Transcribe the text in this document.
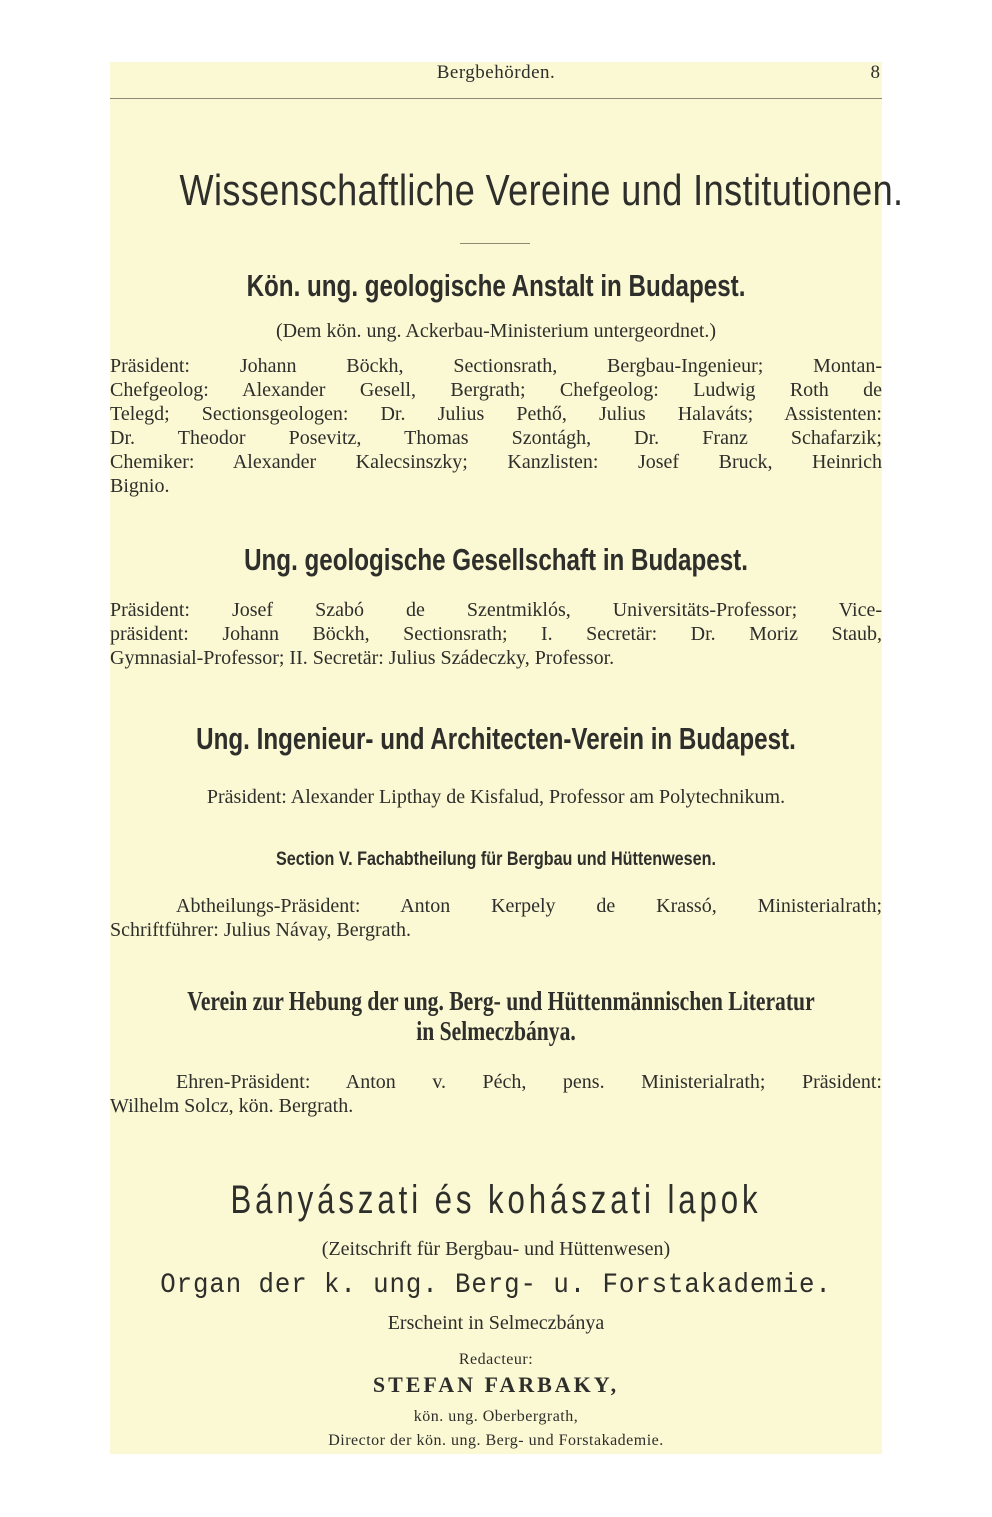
Bergbehörden.	8
Wissenschaftliche Vereine und Institutionen.
Kön. ung. geologische Anstalt in Budapest.
(Dem kön. ung. Ackerbau-Ministerium untergeordnet.)
Präsident: Johann Böckh, Sectionsrath, Bergbau-Ingenieur; Montan-
Chefgeolog: Alexander Gesell, Bergrath; Chefgeolog: Ludwig Roth de
Telegd; Sectionsgeologen: Dr. Julius Pethő, Julius Halaváts; Assistenten:
Dr. Theodor Posevitz, Thomas Szontágh, Dr. Franz Schafarzik;
Chemiker: Alexander Kalecsinszky; Kanzlisten: Josef Bruck, Heinrich
Bignio.
Ung. geologische Gesellschaft in Budapest.
Präsident: Josef Szabó de Szentmiklós, Universitäts-Professor; Vice-
präsident: Johann Böckh, Sectionsrath; I. Secretär: Dr. Moriz Staub,
Gymnasial-Professor; II. Secretär: Julius Szádeczky, Professor.
Ung. Ingenieur- und Architecten-Verein in Budapest.
Präsident: Alexander Lipthay de Kisfalud, Professor am Polytechnikum.
Section V. Fachabtheilung für Bergbau und Hüttenwesen.
Abtheilungs-Präsident: Anton Kerpely de Krassó, Ministerialrath;
Schriftführer: Julius Návay, Bergrath.
Verein zur Hebung der ung. Berg- und Hüttenmännischen Literatur
in Selmeczbánya.
Ehren-Präsident: Anton v. Péch, pens. Ministerialrath; Präsident:
Wilhelm Solcz, kön. Bergrath.
Bányászati és kohászati lapok
(Zeitschrift für Bergbau- und Hüttenwesen)
Organ der k. ung. Berg- u. Forstakademie.
Erscheint in Selmeczbánya
Redacteur:
STEFAN FARBAKY,
kön. ung. Oberbergrath,
Director der kön. ung. Berg- und Forstakademie.
